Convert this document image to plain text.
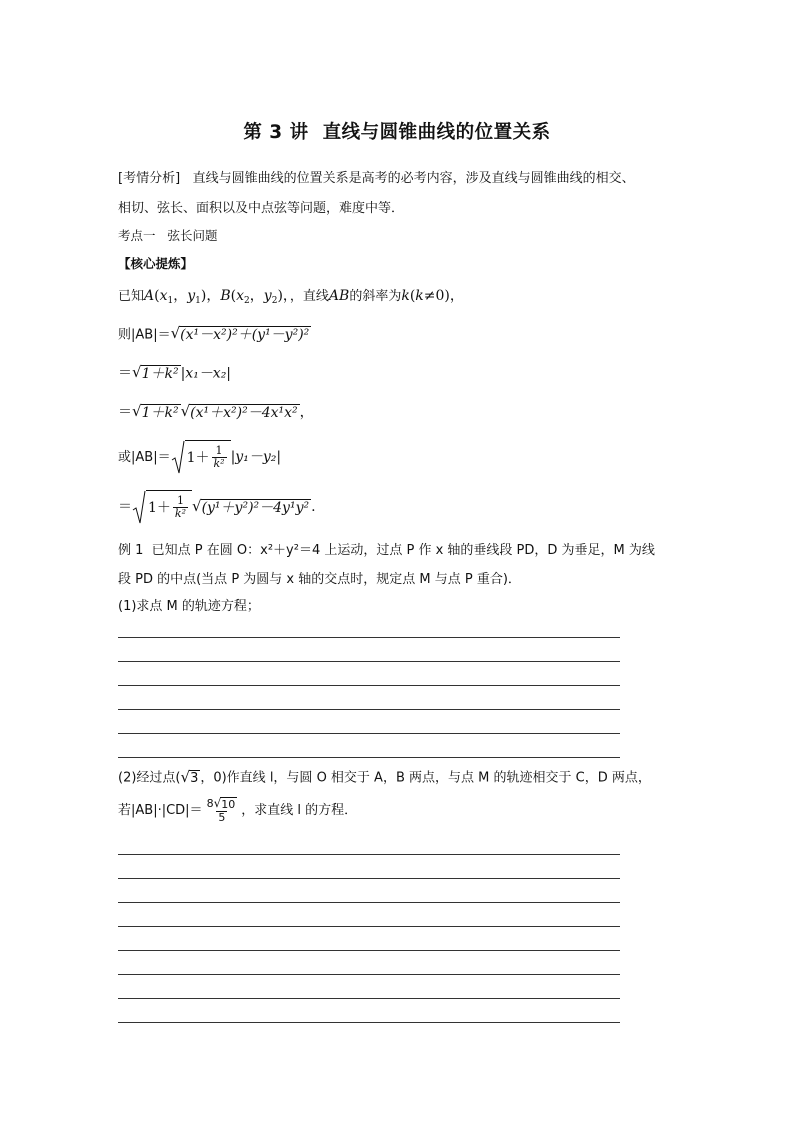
第 3 讲 直线与圆锥曲线的位置关系
[考情分析] 直线与圆锥曲线的位置关系是高考的必考内容，涉及直线与圆锥曲线的相交、
相切、弦长、面积以及中点弦等问题，难度中等．
考点一 弦长问题
【核心提炼】
已知$A(x_1$，$y_1$)，$B(x_2$，$y_2$)，，直线AB的斜率为k(k≠0)，
则|AB|＝ √ (x¹－x²)²＋(y¹－y²)²
＝ √ 1＋k² |x₁－x₂|
＝ √ 1＋k² √ (x¹＋x²)²－4x¹x² ，
或$|AB|= 1+ \frac{1}{\text{k²}} |y_1-y_2|$
＝ $1+ \frac{1}{\text{k²}}$ √ (y¹＋y²)²－4y¹y² .
例 1 已知点 P 在圆 O：x²＋y²＝4 上运动，过点 P 作 x 轴的垂线段 PD，D 为垂足，M 为线
段 PD 的中点(当点 P 为圆与 x 轴的交点时，规定点 M 与点 P 重合)．
(1)求点 M 的轨迹方程；
(2)经过点( √ 3 ，0)作直线 l，与圆 O 相交于 A，B 两点，与点 M 的轨迹相交于 C，D 两点，
若$|AB|\cdot|CD|= \frac{8 √ 10}{5}$ ，求直线 l 的方程．
